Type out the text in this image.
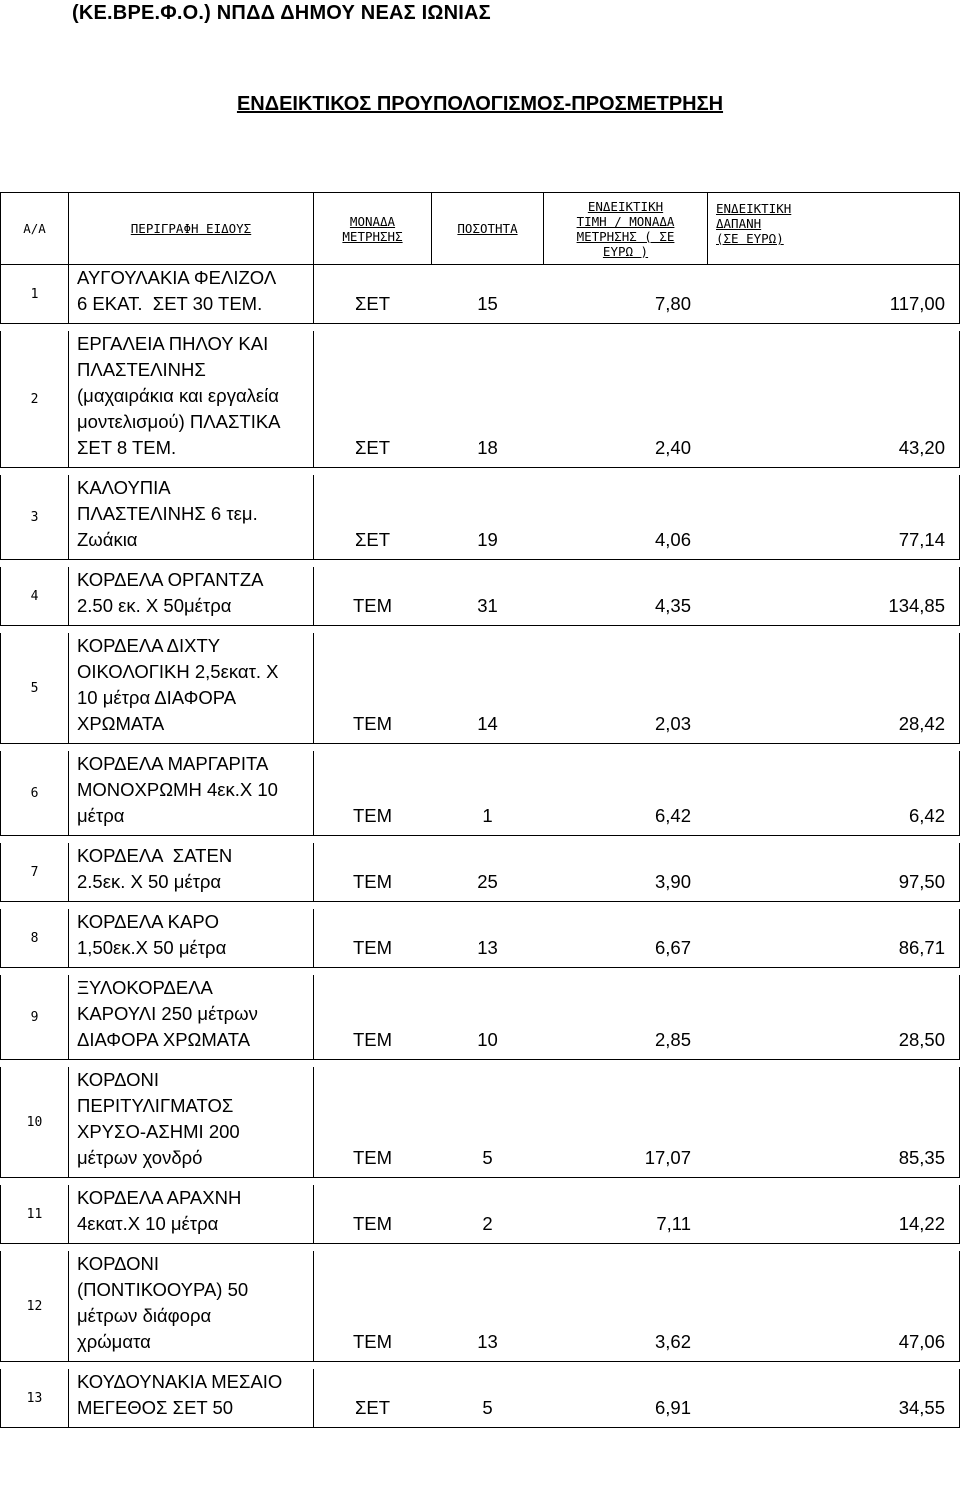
(ΚΕ.ΒΡΕ.Φ.Ο.) ΝΠΔΔ ΔΗΜΟΥ ΝΕΑΣ ΙΩΝΙΑΣ
ΕΝΔΕΙΚΤΙΚΟΣ ΠΡΟΥΠΟΛΟΓΙΣΜΟΣ-ΠΡΟΣΜΕΤΡΗΣΗ
Α/Α	ΠΕΡΙΓΡΑΦΗ ΕΙΔΟΥΣ	ΜΟΝΑΔΑ
ΜΕΤΡΗΣΗΣ	ΠΟΣΟΤΗΤΑ	ΕΝΔΕΙΚΤΙΚΗ
ΤΙΜΗ / ΜΟΝΑΔΑ
ΜΕΤΡΗΣΗΣ ( ΣΕ
ΕΥΡΩ )	ΕΝΔΕΙΚΤΙΚΗ
ΔΑΠΑΝΗ
(ΣΕ ΕΥΡΩ)
1	ΑΥΓΟΥΛΑΚΙΑ ΦΕΛΙΖΟΛ
6 ΕΚΑΤ.  ΣΕΤ 30 ΤΕΜ.	ΣΕΤ	15	7,80	117,00

2	ΕΡΓΑΛΕΙΑ ΠΗΛΟΥ ΚΑΙ
ΠΛΑΣΤΕΛΙΝΗΣ
(μαχαιράκια και εργαλεία
μοντελισμού) ΠΛΑΣΤΙΚΑ
ΣΕΤ 8 ΤΕΜ.	ΣΕΤ	18	2,40	43,20

3	ΚΑΛΟΥΠΙΑ
ΠΛΑΣΤΕΛΙΝΗΣ 6 τεμ.
Ζωάκια	ΣΕΤ	19	4,06	77,14

4	ΚΟΡΔΕΛΑ ΟΡΓΑΝΤΖΑ
2.50 εκ. Χ 50μέτρα	ΤΕΜ	31	4,35	134,85

5	ΚΟΡΔΕΛΑ ΔΙΧΤΥ
ΟΙΚΟΛΟΓΙΚΗ 2,5εκατ. Χ
10 μέτρα ΔΙΑΦΟΡΑ
ΧΡΩΜΑΤΑ	ΤΕΜ	14	2,03	28,42

6	ΚΟΡΔΕΛΑ ΜΑΡΓΑΡΙΤΑ
ΜΟΝΟΧΡΩΜΗ 4εκ.Χ 10
μέτρα	ΤΕΜ	1	6,42	6,42

7	ΚΟΡΔΕΛΑ  ΣΑΤΕΝ
2.5εκ. Χ 50 μέτρα	ΤΕΜ	25	3,90	97,50

8	ΚΟΡΔΕΛΑ ΚΑΡΟ
1,50εκ.Χ 50 μέτρα	ΤΕΜ	13	6,67	86,71

9	ΞΥΛΟΚΟΡΔΕΛΑ
ΚΑΡΟΥΛΙ 250 μέτρων
ΔΙΑΦΟΡΑ ΧΡΩΜΑΤΑ	ΤΕΜ	10	2,85	28,50

10	ΚΟΡΔΟΝΙ
ΠΕΡΙΤΥΛΙΓΜΑΤΟΣ
ΧΡΥΣΟ-ΑΣΗΜΙ 200
μέτρων χονδρό	ΤΕΜ	5	17,07	85,35

11	ΚΟΡΔΕΛΑ ΑΡΑΧΝΗ
4εκατ.Χ 10 μέτρα	ΤΕΜ	2	7,11	14,22

12	ΚΟΡΔΟΝΙ
(ΠΟΝΤΙΚΟΟΥΡΑ) 50
μέτρων διάφορα
χρώματα	ΤΕΜ	13	3,62	47,06

13	ΚΟΥΔΟΥΝΑΚΙΑ ΜΕΣΑΙΟ
ΜΕΓΕΘΟΣ ΣΕΤ 50	ΣΕΤ	5	6,91	34,55
